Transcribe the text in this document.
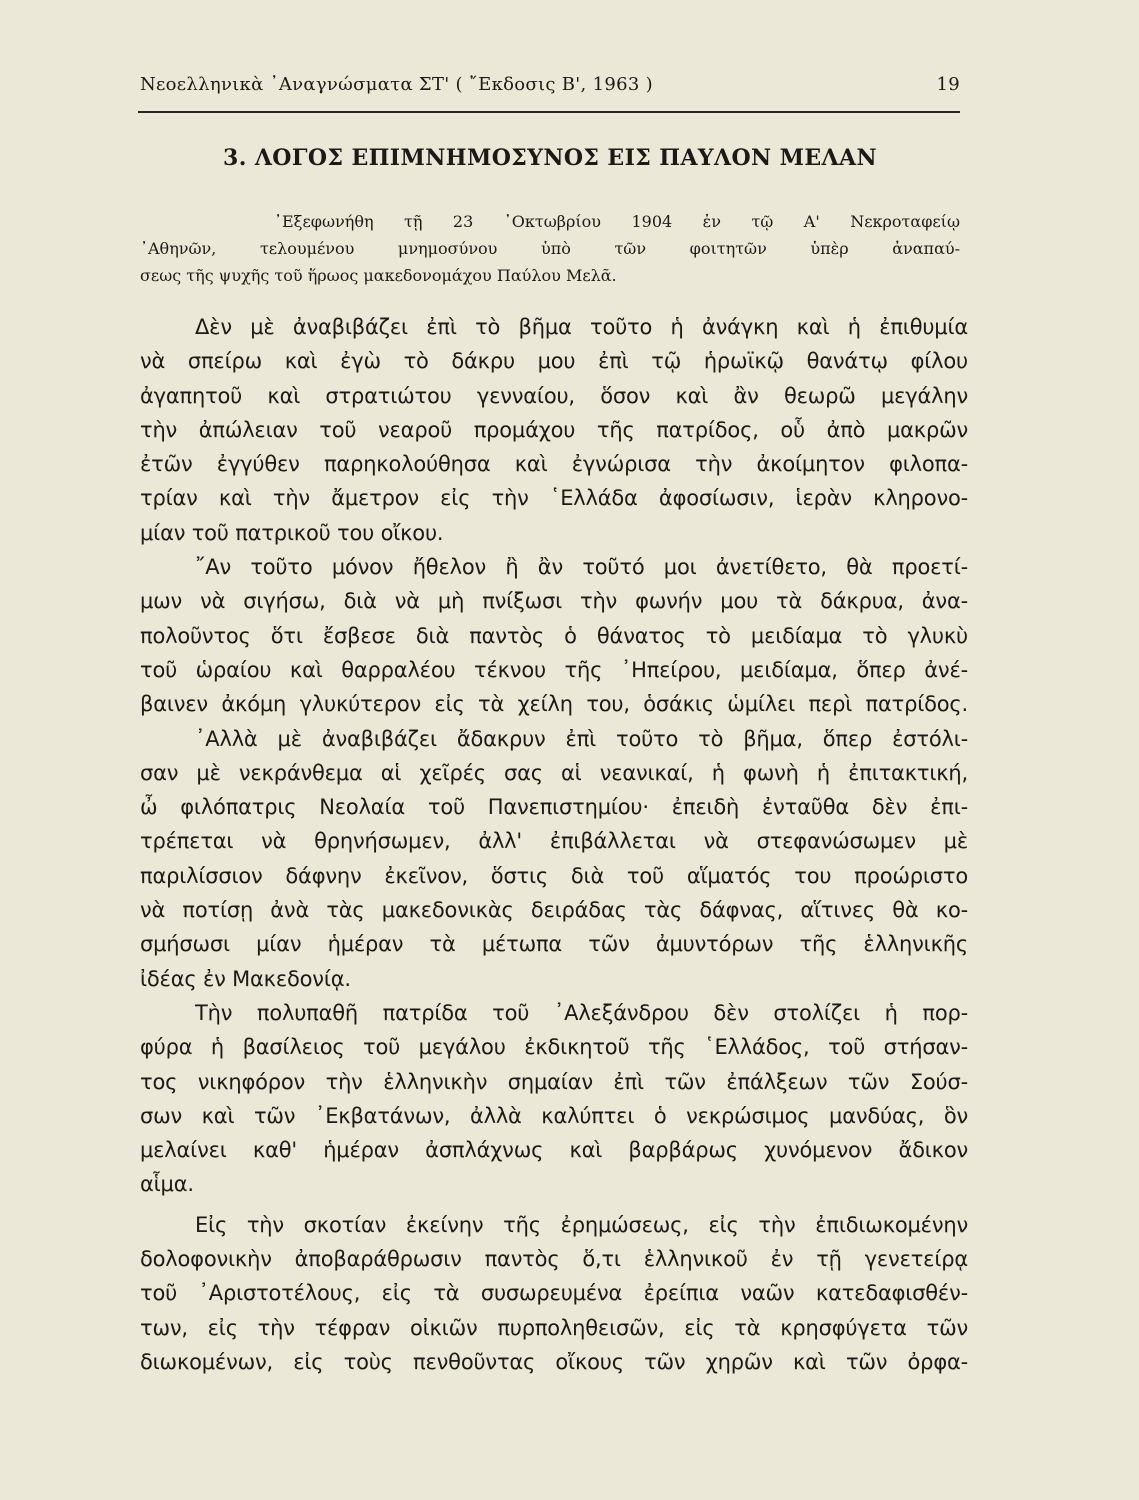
Νεοελληνικὰ ᾿Αναγνώσματα ΣΤ' ( ῎Εκδοσις Β', 1963 )	19
3. ΛΟΓΟΣ ΕΠΙΜΝΗΜΟΣΥΝΟΣ ΕΙΣ ΠΑΥΛΟΝ ΜΕΛΑΝ
᾿Εξεφωνήθη τῇ 23 ᾿Οκτωβρίου 1904 ἐν τῷ Α' Νεκροταφείῳ
᾿Αθηνῶν, τελουμένου μνημοσύνου ὑπὸ τῶν φοιτητῶν ὑπὲρ ἀναπαύ-
σεως τῆς ψυχῆς τοῦ ἥρωος μακεδονομάχου Παύλου Μελᾶ.
Δὲν μὲ ἀναβιβάζει ἐπὶ τὸ βῆμα τοῦτο ἡ ἀνάγκη καὶ ἡ ἐπιθυμία
νὰ σπείρω καὶ ἐγὼ τὸ δάκρυ μου ἐπὶ τῷ ἡρωϊκῷ θανάτῳ φίλου
ἀγαπητοῦ καὶ στρατιώτου γενναίου, ὅσον καὶ ἂν θεωρῶ μεγάλην
τὴν ἀπώλειαν τοῦ νεαροῦ προμάχου τῆς πατρίδος, οὗ ἀπὸ μακρῶν
ἐτῶν ἐγγύθεν παρηκολούθησα καὶ ἐγνώρισα τὴν ἀκοίμητον φιλοπα-
τρίαν καὶ τὴν ἄμετρον εἰς τὴν ῾Ελλάδα ἀφοσίωσιν, ἱερὰν κληρονο-
μίαν τοῦ πατρικοῦ του οἴκου.
῎Αν τοῦτο μόνον ἤθελον ἢ ἂν τοῦτό μοι ἀνετίθετο, θὰ προετί-
μων νὰ σιγήσω, διὰ νὰ μὴ πνίξωσι τὴν φωνήν μου τὰ δάκρυα, ἀνα-
πολοῦντος ὅτι ἔσβεσε διὰ παντὸς ὁ θάνατος τὸ μειδίαμα τὸ γλυκὺ
τοῦ ὡραίου καὶ θαρραλέου τέκνου τῆς ᾿Ηπείρου, μειδίαμα, ὅπερ ἀνέ-
βαινεν ἀκόμη γλυκύτερον εἰς τὰ χείλη του, ὁσάκις ὡμίλει περὶ πατρίδος.
᾿Αλλὰ μὲ ἀναβιβάζει ἄδακρυν ἐπὶ τοῦτο τὸ βῆμα, ὅπερ ἐστόλι-
σαν μὲ νεκράνθεμα αἱ χεῖρές σας αἱ νεανικαί, ἡ φωνὴ ἡ ἐπιτακτική,
ὦ φιλόπατρις Νεολαία τοῦ Πανεπιστημίου· ἐπειδὴ ἐνταῦθα δὲν ἐπι-
τρέπεται νὰ θρηνήσωμεν, ἀλλ' ἐπιβάλλεται νὰ στεφανώσωμεν μὲ
παριλίσσιον δάφνην ἐκεῖνον, ὅστις διὰ τοῦ αἵματός του προώριστο
νὰ ποτίσῃ ἀνὰ τὰς μακεδονικὰς δειράδας τὰς δάφνας, αἵτινες θὰ κο-
σμήσωσι μίαν ἡμέραν τὰ μέτωπα τῶν ἀμυντόρων τῆς ἑλληνικῆς
ἰδέας ἐν Μακεδονίᾳ.
Τὴν πολυπαθῆ πατρίδα τοῦ ᾿Αλεξάνδρου δὲν στολίζει ἡ πορ-
φύρα ἡ βασίλειος τοῦ μεγάλου ἐκδικητοῦ τῆς ῾Ελλάδος, τοῦ στήσαν-
τος νικηφόρον τὴν ἑλληνικὴν σημαίαν ἐπὶ τῶν ἐπάλξεων τῶν Σούσ-
σων καὶ τῶν ᾿Εκβατάνων, ἀλλὰ καλύπτει ὁ νεκρώσιμος μανδύας, ὃν
μελαίνει καθ' ἡμέραν ἀσπλάχνως καὶ βαρβάρως χυνόμενον ἄδικον
αἷμα.
Εἰς τὴν σκοτίαν ἐκείνην τῆς ἐρημώσεως, εἰς τὴν ἐπιδιωκομένην
δολοφονικὴν ἀποβαράθρωσιν παντὸς ὅ,τι ἑλληνικοῦ ἐν τῇ γενετείρᾳ
τοῦ ᾿Αριστοτέλους, εἰς τὰ συσωρευμένα ἐρείπια ναῶν κατεδαφισθέν-
των, εἰς τὴν τέφραν οἰκιῶν πυρποληθεισῶν, εἰς τὰ κρησφύγετα τῶν
διωκομένων, εἰς τοὺς πενθοῦντας οἴκους τῶν χηρῶν καὶ τῶν ὀρφα-
